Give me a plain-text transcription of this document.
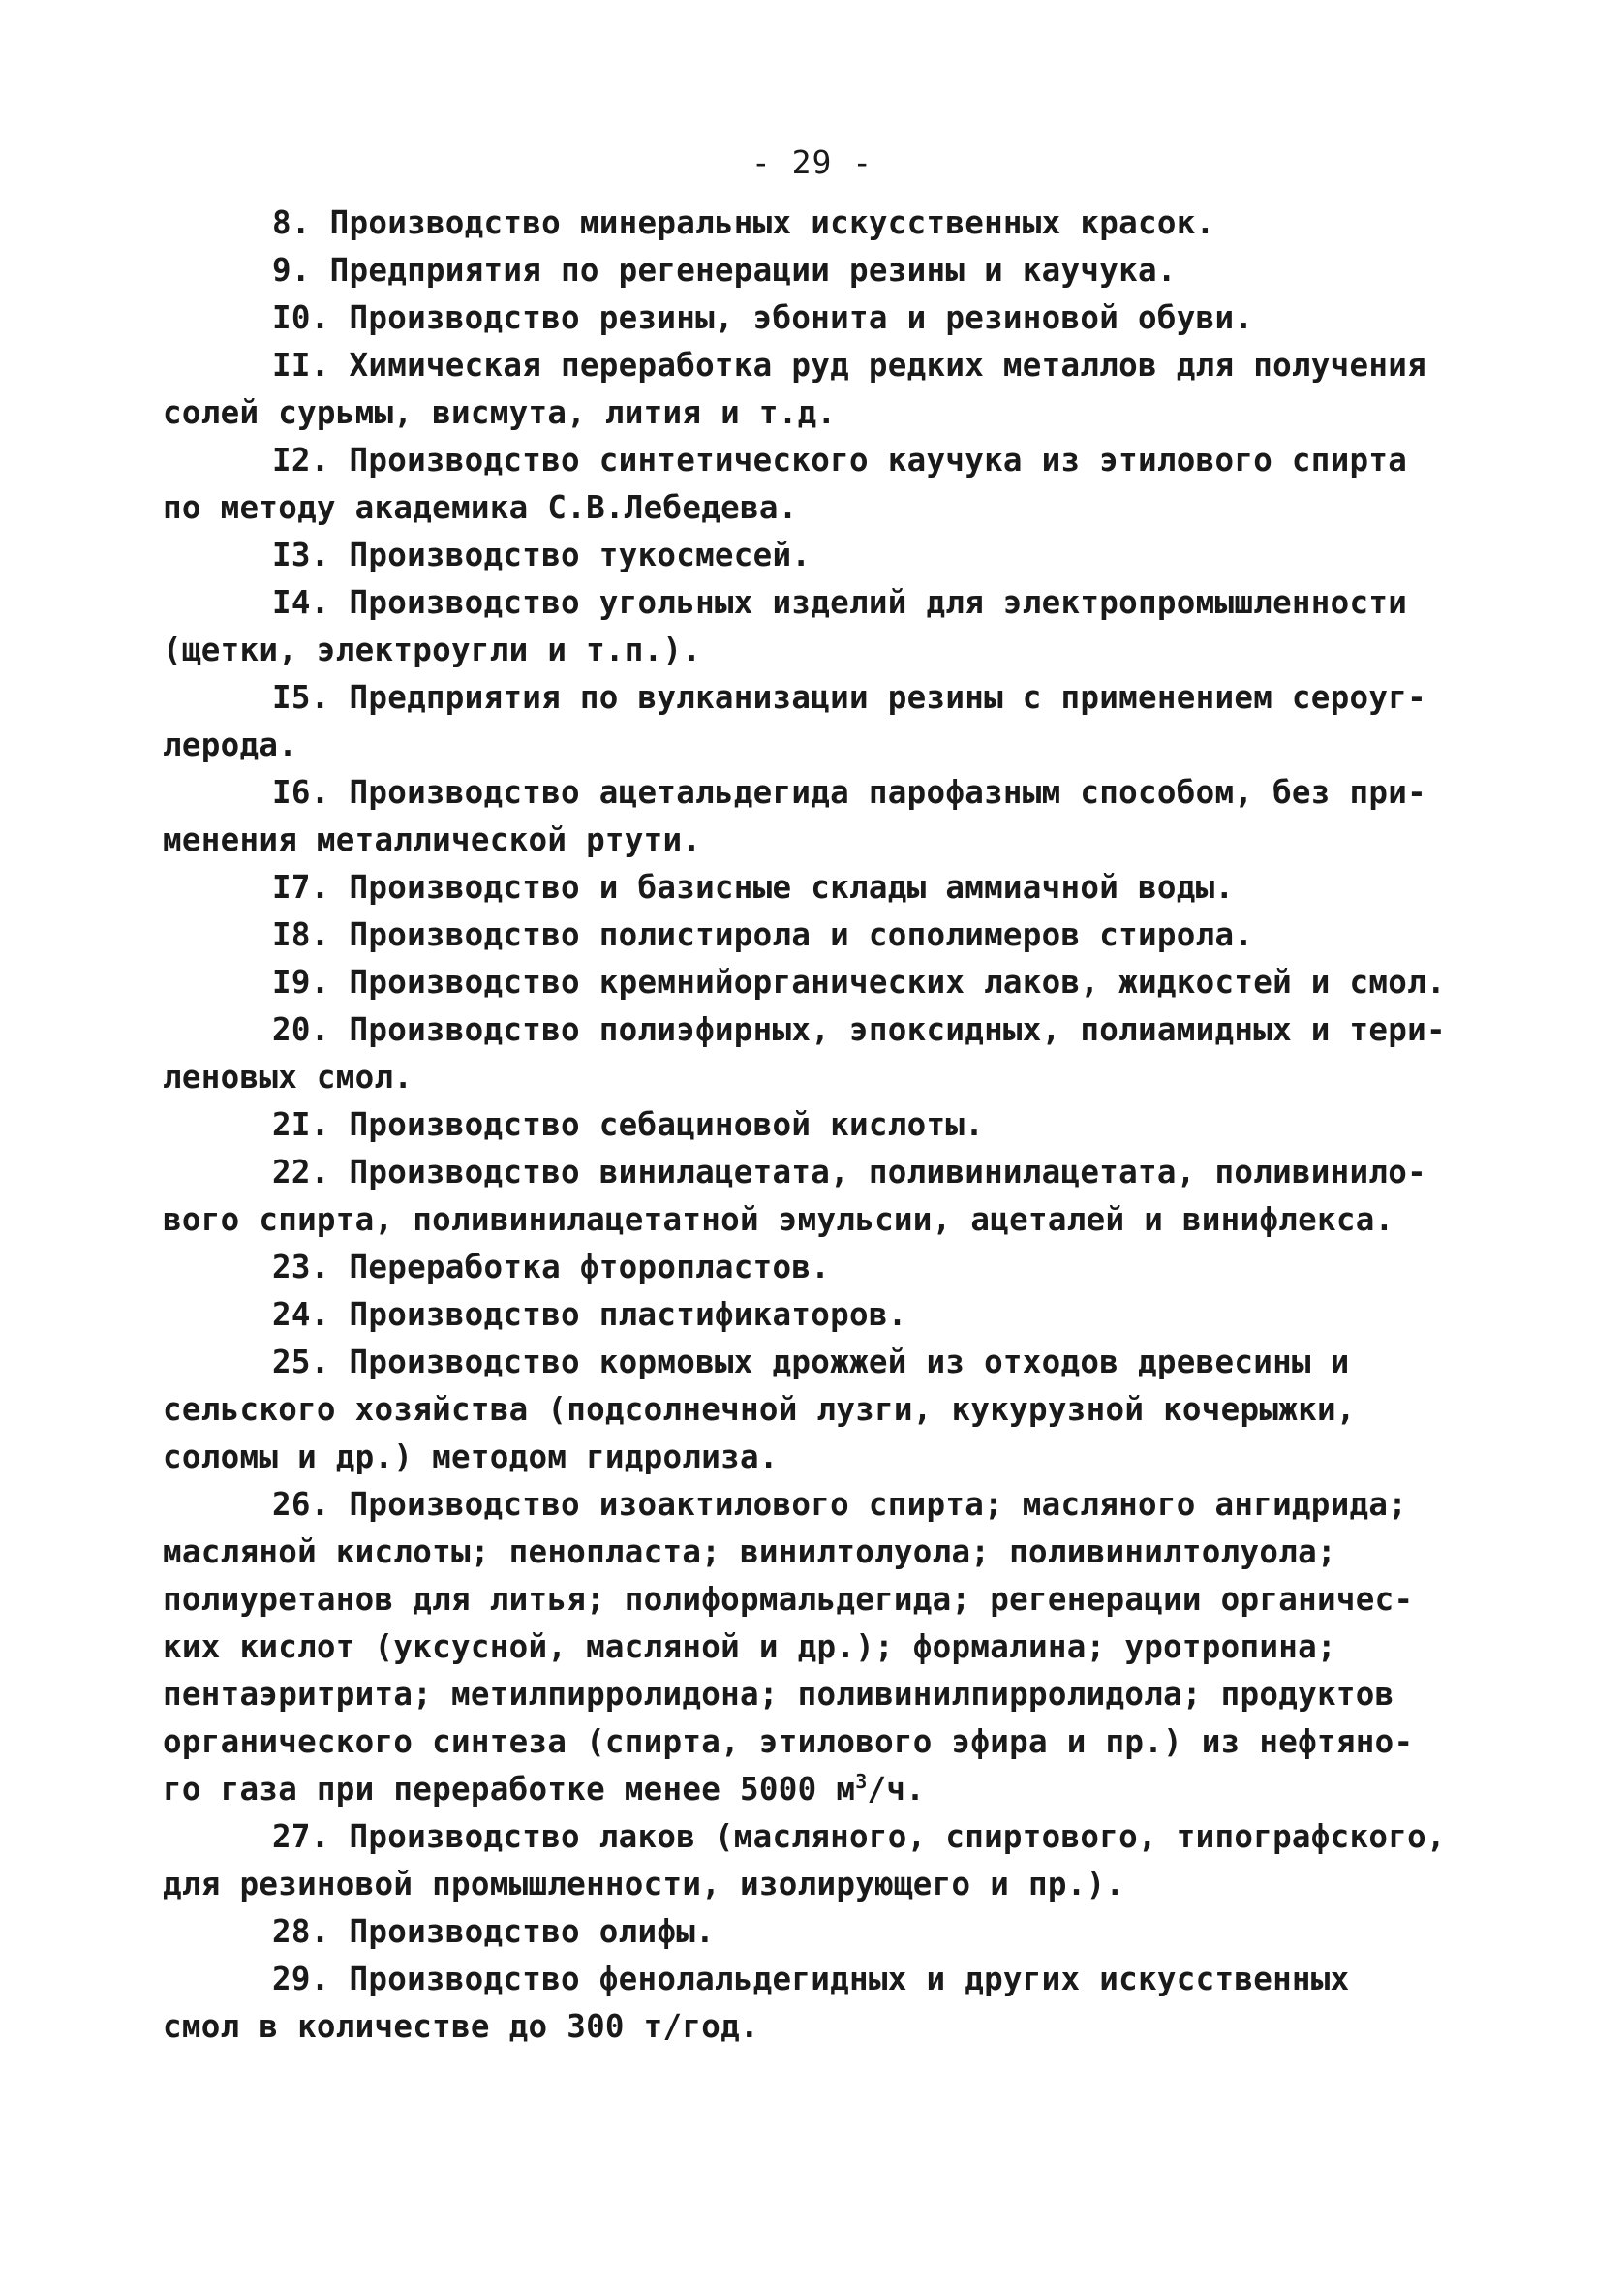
- 29 -
8. Производство минеральных искусственных красок.
9. Предприятия по регенерации резины и каучука.
I0. Производство резины, эбонита и резиновой обуви.
II. Химическая переработка руд редких металлов для получения
солей сурьмы, висмута, лития и т.д.
I2. Производство синтетического каучука из этилового спирта
по методу академика С.В.Лебедева.
I3. Производство тукосмесей.
I4. Производство угольных изделий для электропромышленности
(щетки, электроугли и т.п.).
I5. Предприятия по вулканизации резины с применением сероуг-
лерода.
I6. Производство ацетальдегида парофазным способом, без при-
менения металлической ртути.
I7. Производство и базисные склады аммиачной воды.
I8. Производство полистирола и сополимеров стирола.
I9. Производство кремнийорганических лаков, жидкостей и смол.
20. Производство полиэфирных, эпоксидных, полиамидных и тери-
леновых смол.
2I. Производство себациновой кислоты.
22. Производство винилацетата, поливинилацетата, поливинило-
вого спирта, поливинилацетатной эмульсии, ацеталей и винифлекса.
23. Переработка фторопластов.
24. Производство пластификаторов.
25. Производство кормовых дрожжей из отходов древесины и
сельского хозяйства (подсолнечной лузги, кукурузной кочерыжки,
соломы и др.) методом гидролиза.
26. Производство изоактилового спирта; масляного ангидрида;
масляной кислоты; пенопласта; винилтолуола; поливинилтолуола;
полиуретанов для литья; полиформальдегида; регенерации органичес-
ких кислот (уксусной, масляной и др.); формалина; уротропина;
пентаэритрита; метилпирролидона; поливинилпирролидола; продуктов
органического синтеза (спирта, этилового эфира и пр.) из нефтяно-
го газа при переработке менее 5000 $м^3/ч$.
27. Производство лаков (масляного, спиртового, типографского,
для резиновой промышленности, изолирующего и пр.).
28. Производство олифы.
29. Производство фенолальдегидных и других искусственных
смол в количестве до 300 т/год.
